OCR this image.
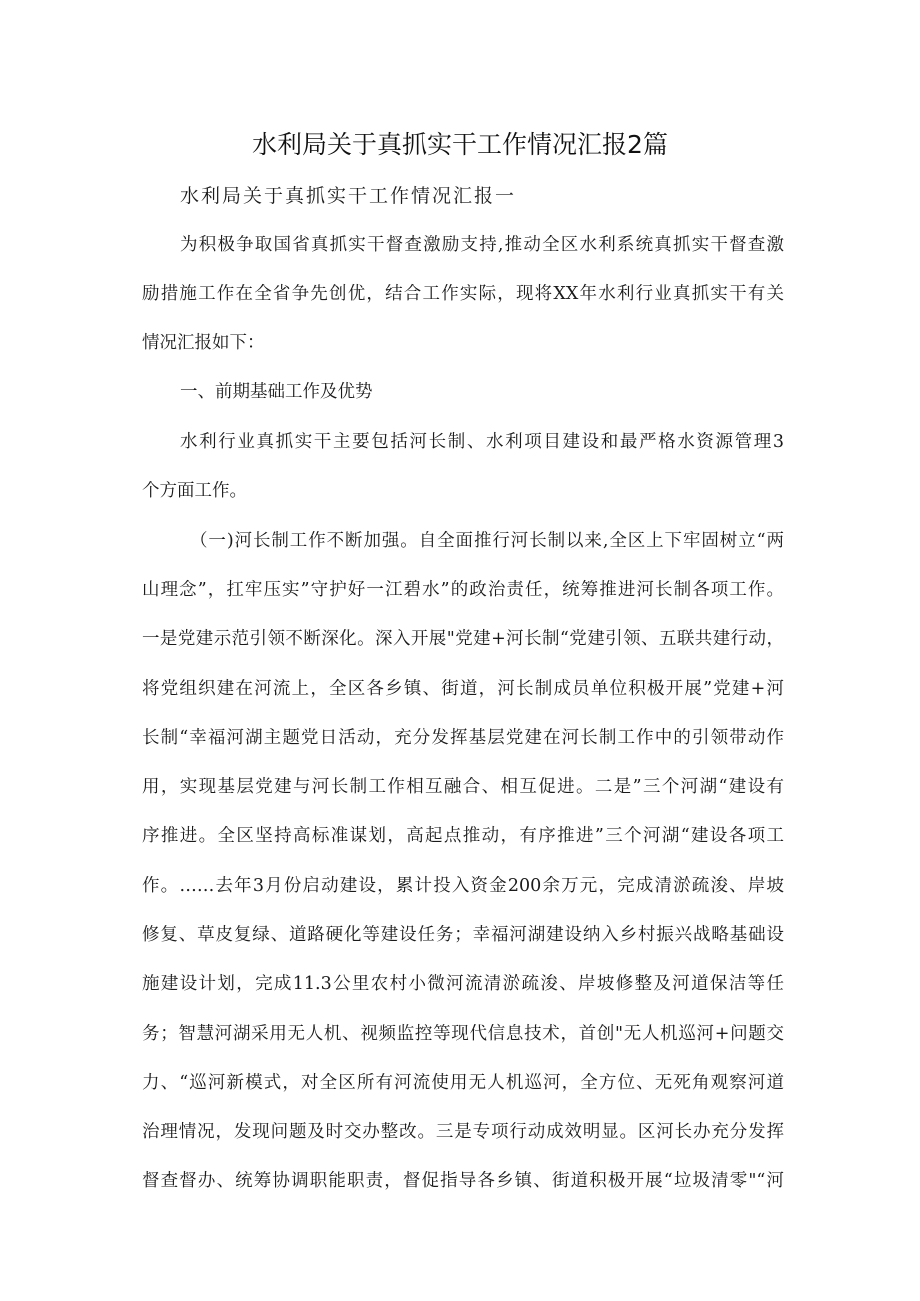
水利局关于真抓实干工作情况汇报2篇
水利局关于真抓实干工作情况汇报一
为积极争取国省真抓实干督查激励支持,推动全区水利系统真抓实干督查激
励措施工作在全省争先创优，结合工作实际，现将XX年水利行业真抓实干有关
情况汇报如下：
一、前期基础工作及优势
水利行业真抓实干主要包括河长制、水利项目建设和最严格水资源管理3
个方面工作。
（一)河长制工作不断加强。自全面推行河长制以来,全区上下牢固树立“两
山理念”，扛牢压实”守护好一江碧水”的政治责任，统筹推进河长制各项工作。
一是党建示范引领不断深化。深入开展"党建+河长制“党建引领、五联共建行动，
将党组织建在河流上，全区各乡镇、街道，河长制成员单位积极开展”党建+河
长制“幸福河湖主题党日活动，充分发挥基层党建在河长制工作中的引领带动作
用，实现基层党建与河长制工作相互融合、相互促进。二是”三个河湖“建设有
序推进。全区坚持高标准谋划，高起点推动，有序推进”三个河湖“建设各项工
作。……去年3月份启动建设，累计投入资金200余万元，完成清淤疏浚、岸坡
修复、草皮复绿、道路硬化等建设任务；幸福河湖建设纳入乡村振兴战略基础设
施建设计划，完成11.3公里农村小微河流清淤疏浚、岸坡修整及河道保洁等任
务；智慧河湖采用无人机、视频监控等现代信息技术，首创"无人机巡河+问题交
力、“巡河新模式，对全区所有河流使用无人机巡河，全方位、无死角观察河道
治理情况，发现问题及时交办整改。三是专项行动成效明显。区河长办充分发挥
督查督办、统筹协调职能职责，督促指导各乡镇、街道积极开展“垃圾清零"“河
